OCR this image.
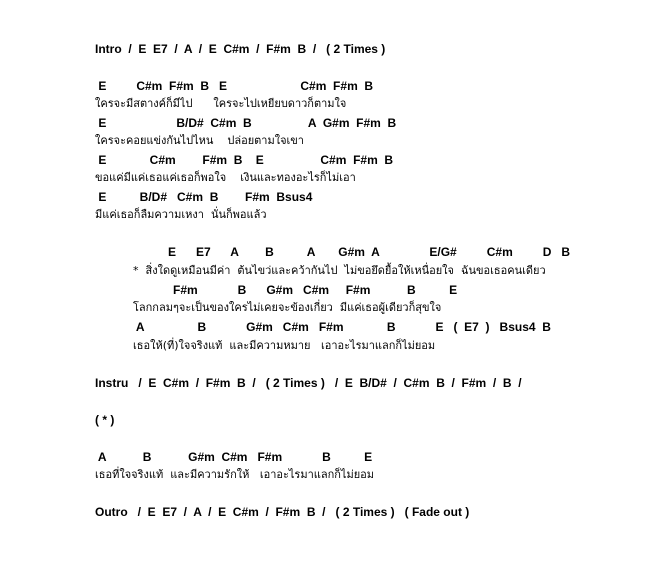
Intro  /  E  E7  /  A  /  E  C#m  /  F#m  B  /   ( 2 Times )
E         C#m  F#m  B   E                      C#m  F#m  B
ใครจะมีสตางค์ก็มีไป      ใครจะไปเหยียบดาวก็ตามใจ
E                     B/D#  C#m  B                 A  G#m  F#m  B
ใครจะคอยแข่งกันไปไหน    ปล่อยตามใจเขา
E             C#m        F#m  B    E                 C#m  F#m  B
ขอแค่มีแค่เธอแค่เธอก็พอใจ    เงินและทองอะไรก็ไม่เอา
E          B/D#   C#m  B        F#m  Bsus4
มีแค่เธอก็ลืมความเหงา  นั่นก็พอแล้ว
E      E7      A        B          A       G#m  A               E/G#         C#m         D   B
*  สิ่งใดดูเหมือนมีค่า  ต้นไขว่และคว้ากันไป  ไม่ขอยึดยื้อให้เหนื่อยใจ  ฉันขอเธอคนเดียว
F#m            B      G#m   C#m     F#m           B          E
โลกกลมๆจะเป็นของใครไม่เคยจะข้องเกี่ยว  มีแค่เธอผู้เดียวก็สุขใจ
A                B            G#m   C#m   F#m             B            E   (  E7  )   Bsus4  B
เธอให้(ที่)ใจจริงแท้  และมีความหมาย   เอาอะไรมาแลกก็ไม่ยอม
Instru   /  E  C#m  /  F#m  B  /   ( 2 Times )   /  E  B/D#  /  C#m  B  /  F#m  /  B  /
( * )
A           B           G#m  C#m   F#m            B          E
เธอที่ใจจริงแท้  และมีความรักให้   เอาอะไรมาแลกก็ไม่ยอม
Outro   /  E  E7  /  A  /  E  C#m  /  F#m  B  /   ( 2 Times )   ( Fade out )
